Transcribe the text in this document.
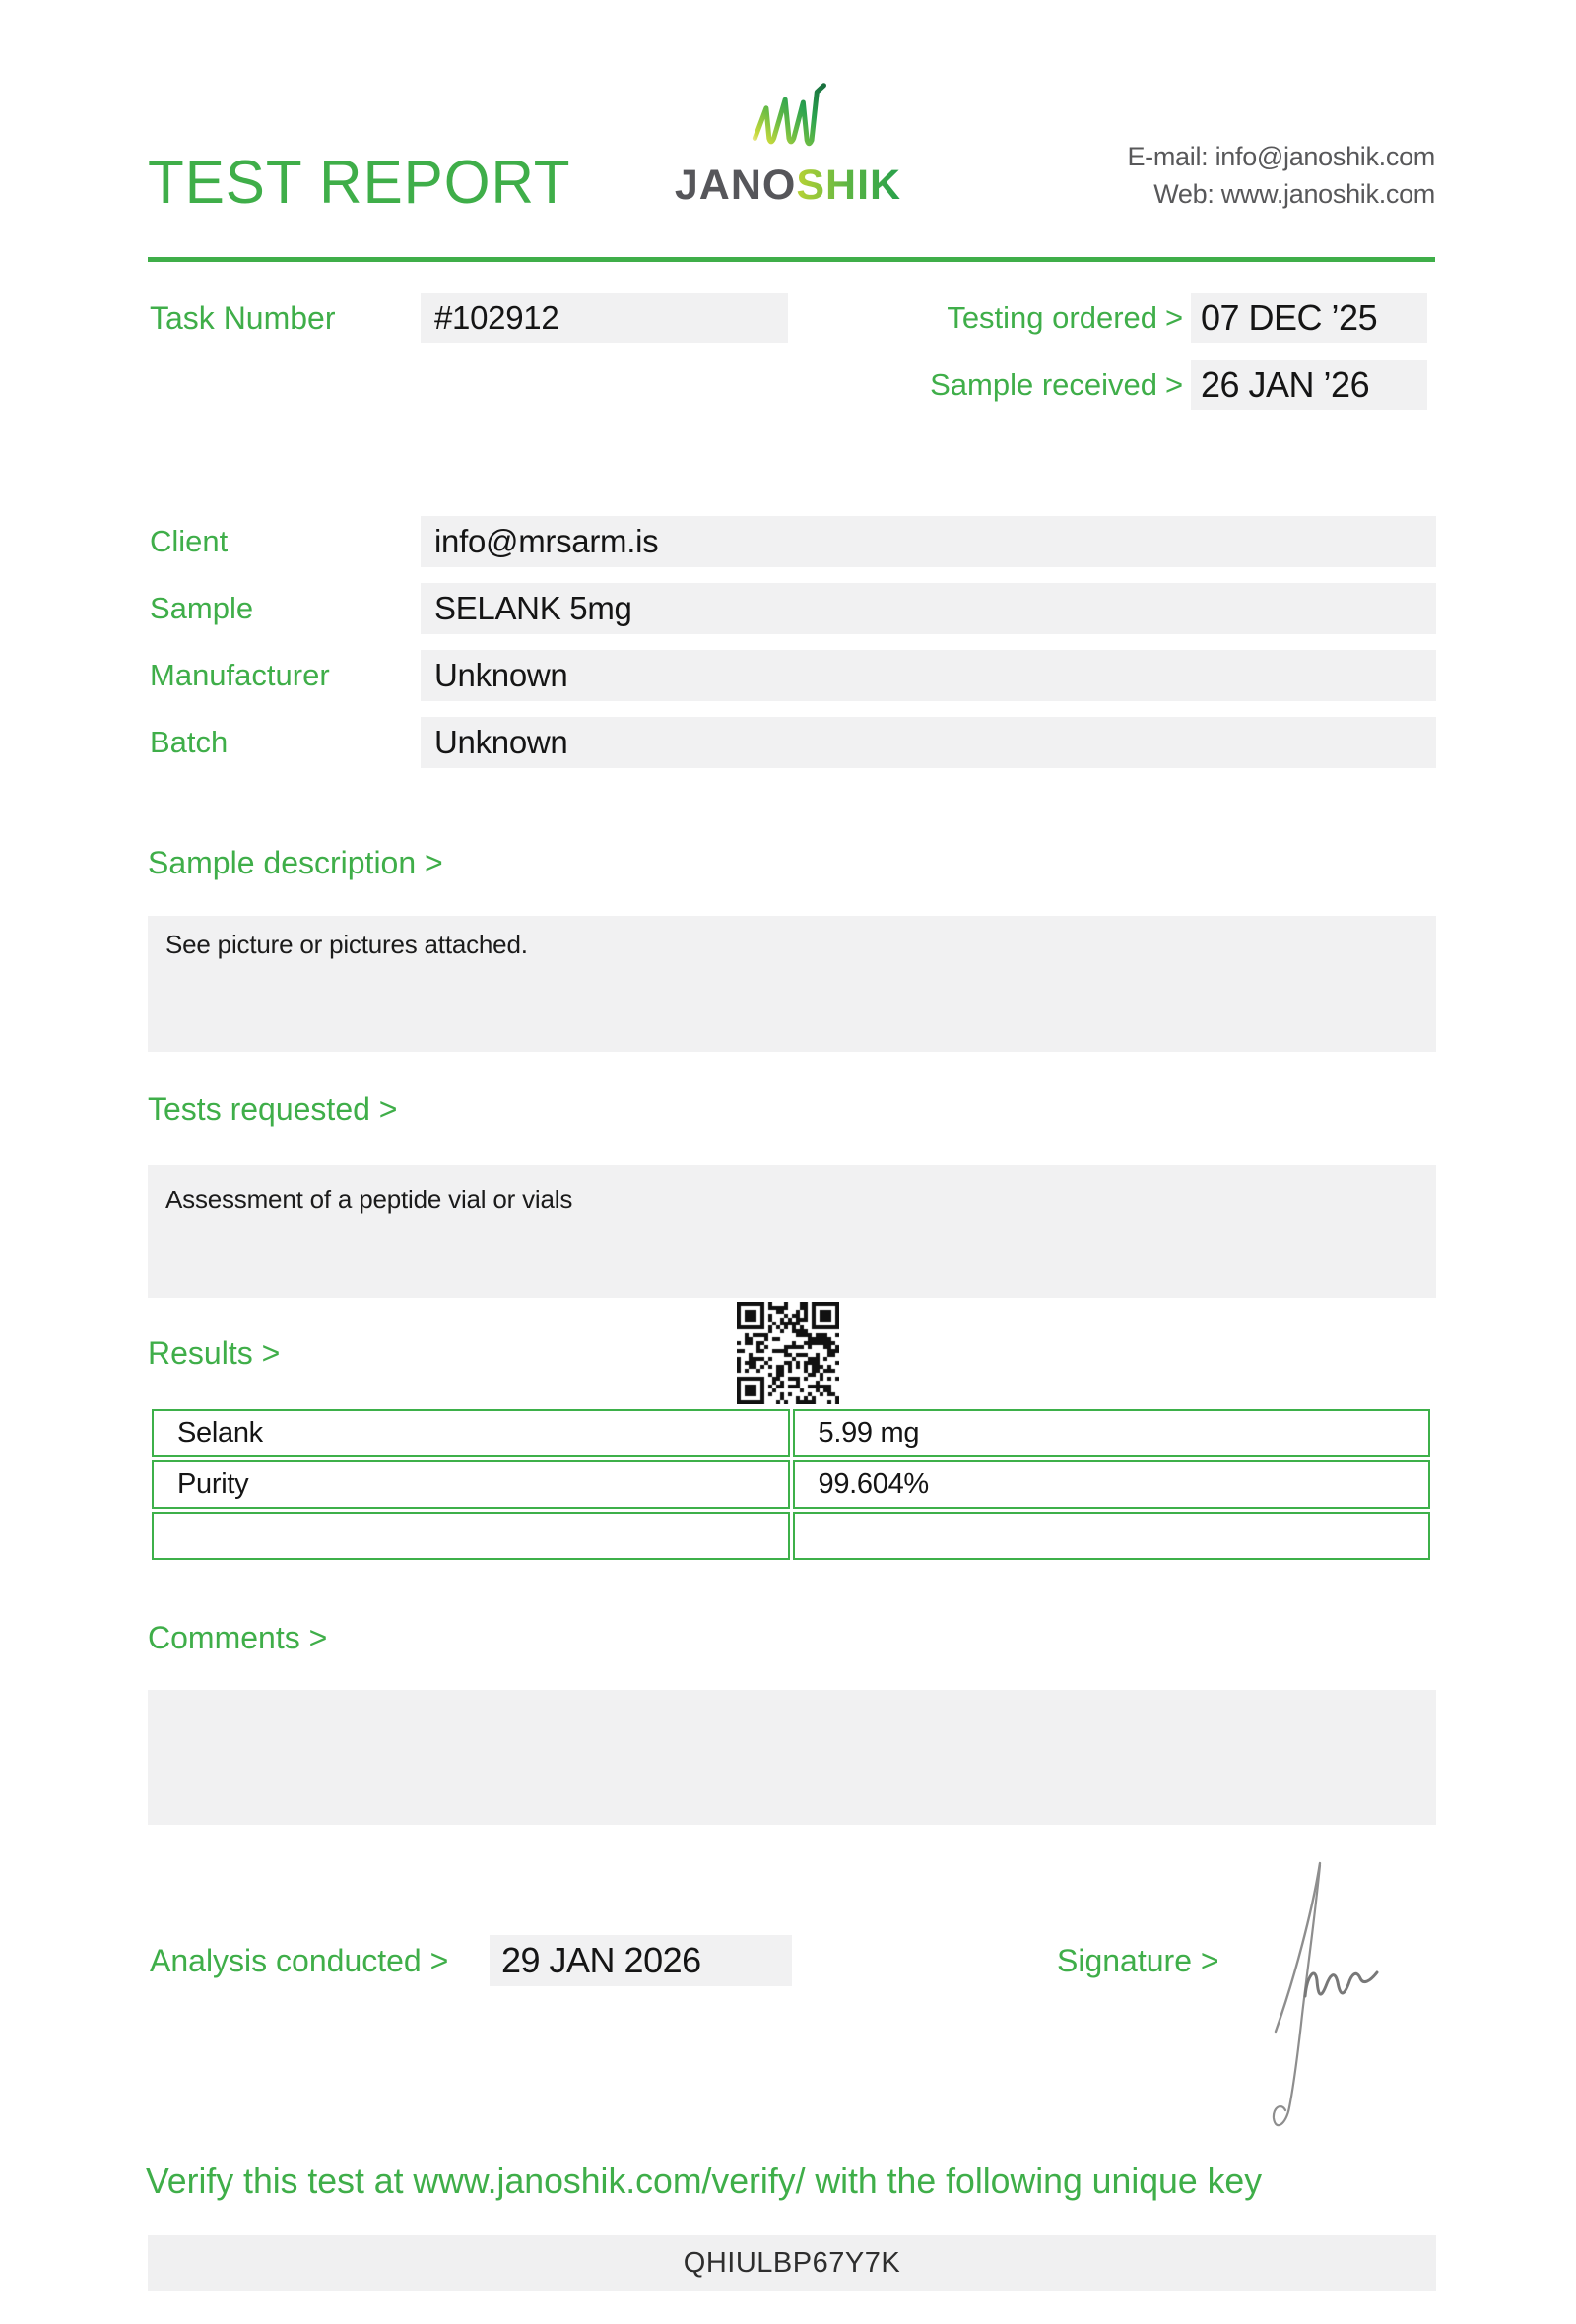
TEST REPORT JANOSHIK
E-mail: info@janoshik.com
Web: www.janoshik.com
Task Number	#102912	Testing ordered > 07 DEC ’25
Sample received > 26 JAN ’26
Client	info@mrsarm.is
Sample	SELANK 5mg
Manufacturer	Unknown
Batch	Unknown
Sample description >
See picture or pictures attached.
Tests requested >
Assessment of a peptide vial or vials
Results >
Selank	5.99 mg
Purity	99.604%

Comments >
Analysis conducted >	29 JAN 2026	Signature >
Verify this test at www.janoshik.com/verify/ with the following unique key
QHIULBP67Y7K
